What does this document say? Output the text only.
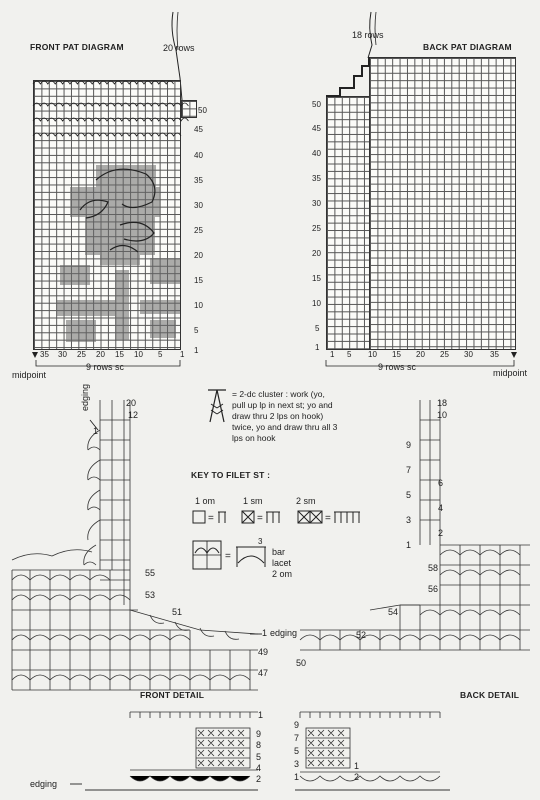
FRONT PAT DIAGRAM	20 rows
50
45
40
35
30
25
20
15
10
5
1
35 30 25 20 15 10 5 1
9 rows sc
midpoint
18 rows
BACK PAT DIAGRAM
50
45
40
35
30
25
20
15
10
5
1
1 5 10 15 20 25 30 35
9 rows sc
midpoint
= 2-dc cluster : work (yo,
pull up lp in next st; yo and
draw thru 2 lps on hook)
twice, yo and draw thru all 3
lps on hook
KEY TO FILET ST :
1 om	1 sm	2 sm
=	=	=
=
3
bar
lacet
2 om
20
12
edging
1
55
53
51
1 edging
49
47
FRONT DETAIL
1
9
8
5
4
2
edging
18
10
9
7
5
3
1
6
4
2
58
56
54
52
50
BACK DETAIL
9
7
5
3
1
1
2
